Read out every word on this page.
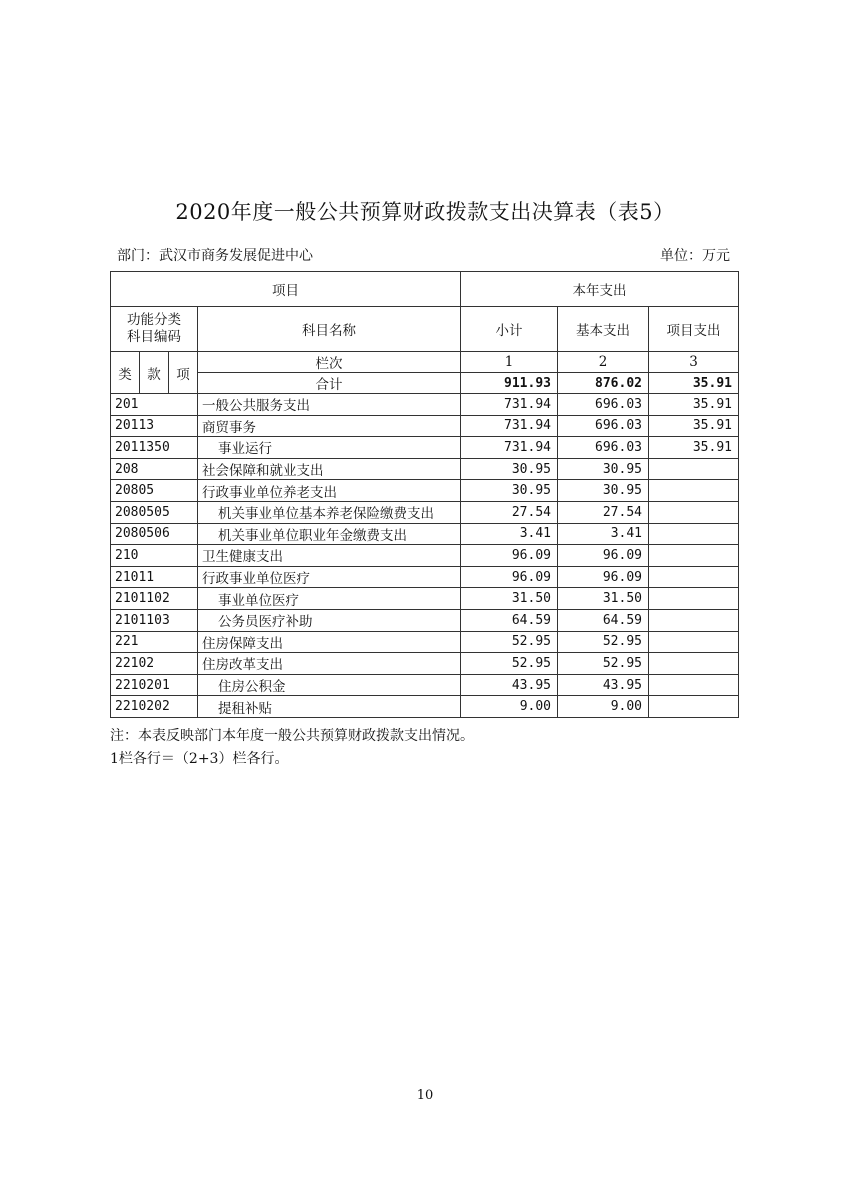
2020年度一般公共预算财政拨款支出决算表（表5）
部门：武汉市商务发展促进中心	单位：万元
项目				本年支出		

功能分类
科目编码			科目名称	小计	基本支出	项目支出
类	款	项	栏次	1	2	3
			合计	911.93	876.02	35.91
201			一般公共服务支出	731.94	696.03	35.91
20113			商贸事务	731.94	696.03	35.91
2011350			事业运行	731.94	696.03	35.91
208			社会保障和就业支出	30.95	30.95	
20805			行政事业单位养老支出	30.95	30.95	
2080505			机关事业单位基本养老保险缴费支出	27.54	27.54	
2080506			机关事业单位职业年金缴费支出	3.41	3.41	
210			卫生健康支出	96.09	96.09	
21011			行政事业单位医疗	96.09	96.09	
2101102			事业单位医疗	31.50	31.50	
2101103			公务员医疗补助	64.59	64.59	
221			住房保障支出	52.95	52.95	
22102			住房改革支出	52.95	52.95	
2210201			住房公积金	43.95	43.95	
2210202			提租补贴	9.00	9.00	
注：本表反映部门本年度一般公共预算财政拨款支出情况。
1栏各行＝（2+3）栏各行。
10
